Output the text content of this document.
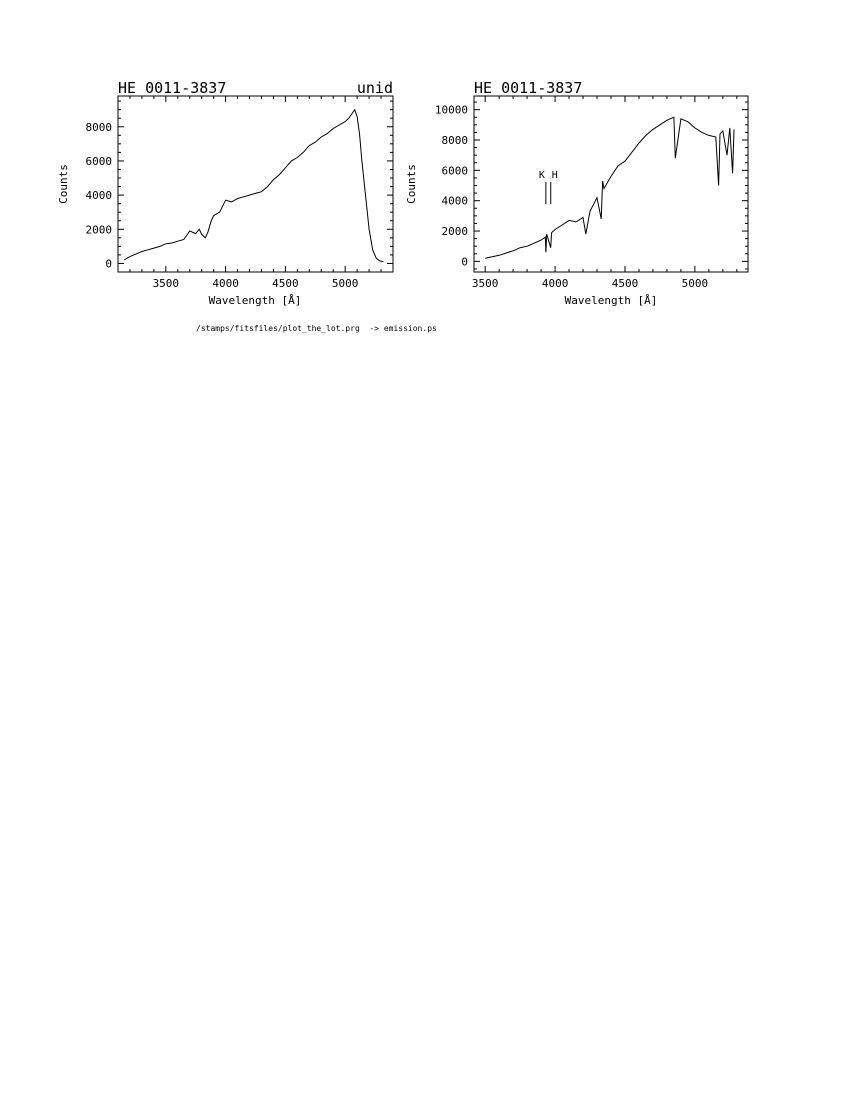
HE 0011-3837	unid
3500	4000	4500	5000
0
2000
4000
6000
8000
Wavelength [Å]
Counts
HE 0011-3837
3500	4000	4500	5000
0
2000
4000
6000
8000
10000
K H
Wavelength [Å]
Counts
/stamps/fitsfiles/plot_the_lot.prg  -> emission.ps
